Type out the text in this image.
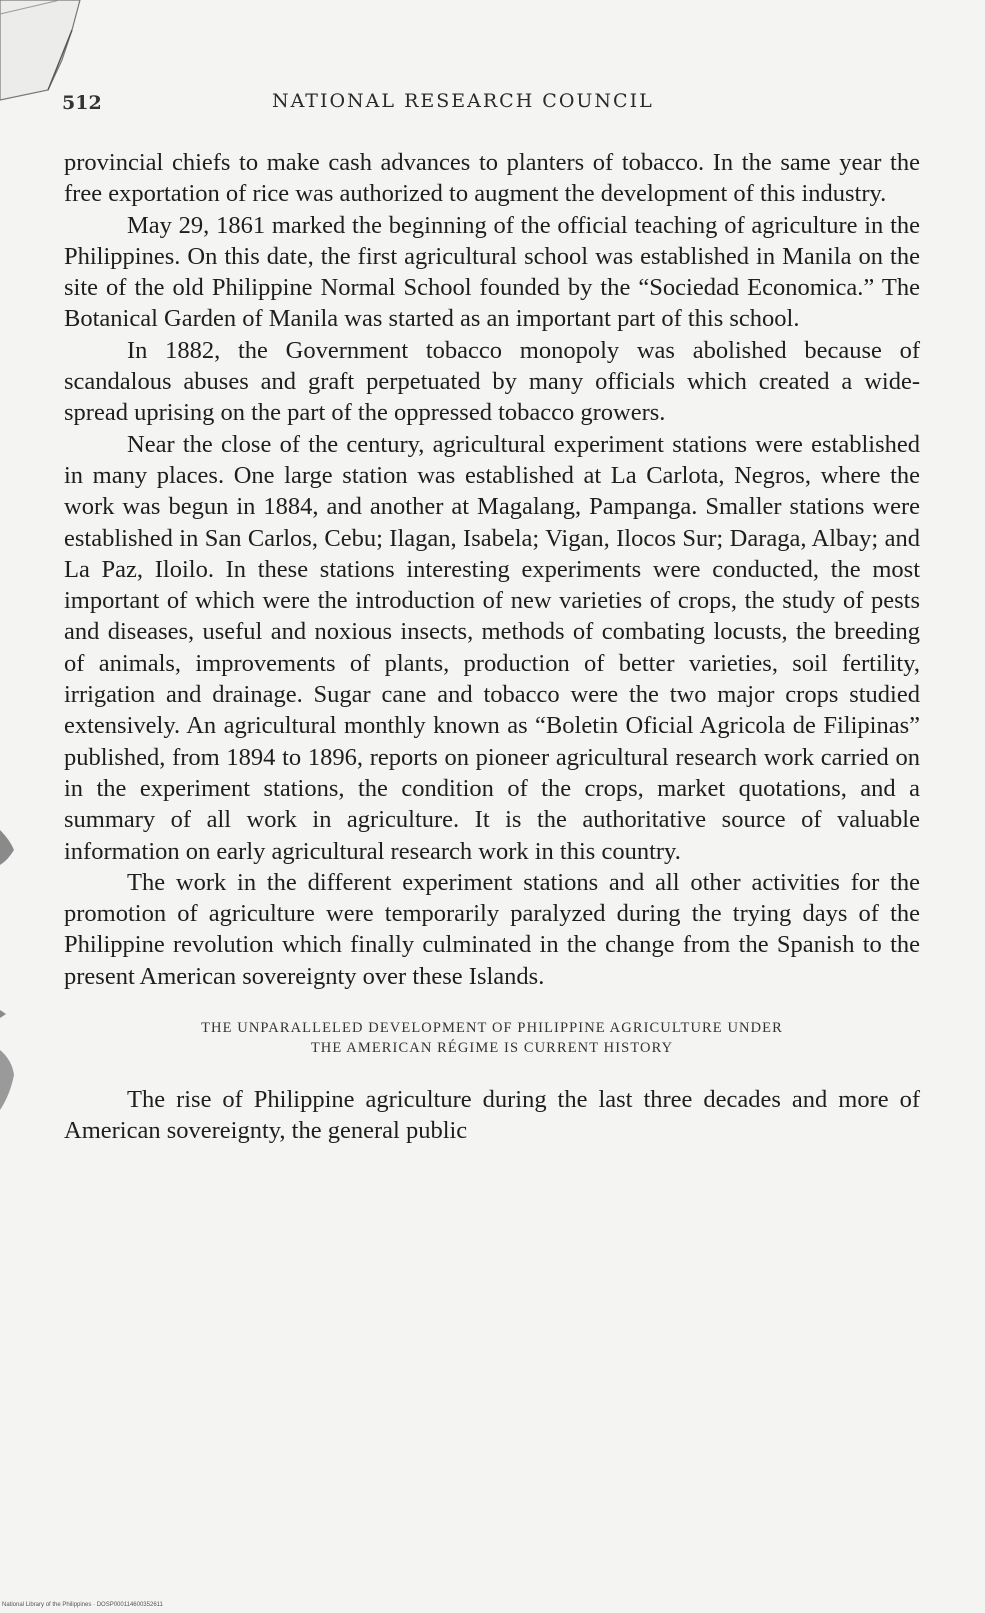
512	NATIONAL RESEARCH COUNCIL

provincial chiefs to make cash advances to planters of tobacco. In the same year the free exportation of rice was authorized to augment the development of this industry.

May 29, 1861 marked the beginning of the official teaching of agriculture in the Philippines. On this date, the first agricultural school was established in Manila on the site of the old Philippine Normal School founded by the “Sociedad Economica.” The Botanical Garden of Manila was started as an important part of this school.

In 1882, the Government tobacco monopoly was abolished because of scandalous abuses and graft perpetuated by many officials which created a wide-spread uprising on the part of the oppressed tobacco growers.

Near the close of the century, agricultural experiment stations were established in many places. One large station was established at La Carlota, Negros, where the work was begun in 1884, and another at Magalang, Pampanga. Smaller stations were established in San Carlos, Cebu; Ilagan, Isabela; Vigan, Ilocos Sur; Daraga, Albay; and La Paz, Iloilo. In these stations interesting experiments were conducted, the most important of which were the introduction of new varieties of crops, the study of pests and diseases, useful and noxious insects, methods of combating locusts, the breeding of animals, improvements of plants, production of better varieties, soil fertility, irrigation and drainage. Sugar cane and tobacco were the two major crops studied extensively. An agricultural monthly known as “Boletin Oficial Agricola de Filipinas” published, from 1894 to 1896, reports on pioneer agricultural research work carried on in the experiment stations, the condition of the crops, market quotations, and a summary of all work in agriculture. It is the authoritative source of valuable information on early agricultural research work in this country.

The work in the different experiment stations and all other activities for the promotion of agriculture were temporarily paralyzed during the trying days of the Philippine revolution which finally culminated in the change from the Spanish to the present American sovereignty over these Islands.

THE UNPARALLELED DEVELOPMENT OF PHILIPPINE AGRICULTURE UNDER
THE AMERICAN RÉGIME IS CURRENT HISTORY

The rise of Philippine agriculture during the last three decades and more of American sovereignty, the general public

National Library of the Philippines · DOSP000114600352611
